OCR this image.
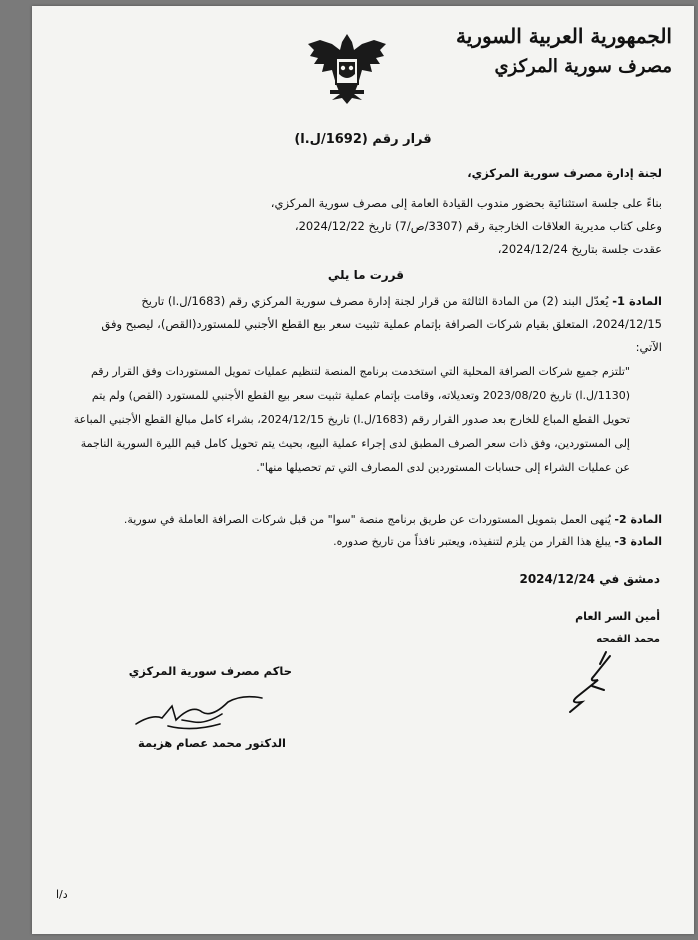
الجمهورية العربية السورية
مصرف سورية المركزي
قرار رقم (1692/ل.ا)
لجنة إدارة مصرف سورية المركزي،
بناءً على جلسة استثنائية بحضور مندوب القيادة العامة إلى مصرف سورية المركزي،
وعلى كتاب مديرية العلاقات الخارجية رقم (3307/ص/7) تاريخ 2024/12/22،
عقدت جلسة بتاريخ 2024/12/24،
قررت ما يلي
المادة 1- يُعدّل البند (2) من المادة الثالثة من قرار لجنة إدارة مصرف سورية المركزي رقم (1683/ل.ا) تاريخ 2024/12/15، المتعلق بقيام شركات الصرافة بإتمام عملية تثبيت سعر بيع القطع الأجنبي للمستورد(القص)، ليصبح وفق الآتي:
"تلتزم جميع شركات الصرافة المحلية التي استخدمت برنامج المنصة لتنظيم عمليات تمويل المستوردات وفق القرار رقم (1130/ل.ا) تاريخ 2023/08/20 وتعديلاته، وقامت بإتمام عملية تثبيت سعر بيع القطع الأجنبي للمستورد (القص) ولم يتم تحويل القطع المباع للخارج بعد صدور القرار رقم (1683/ل.ا) تاريخ 2024/12/15، بشراء كامل مبالغ القطع الأجنبي المباعة إلى المستوردين، وفق ذات سعر الصرف المطبق لدى إجراء عملية البيع، بحيث يتم تحويل كامل قيم الليرة السورية الناجمة عن عمليات الشراء إلى حسابات المستوردين لدى المصارف التي تم تحصيلها منها".
المادة 2- يُنهى العمل بتمويل المستوردات عن طريق برنامج منصة "سوا" من قبل شركات الصرافة العاملة في سورية.
المادة 3- يبلغ هذا القرار من يلزم لتنفيذه، ويعتبر نافذاً من تاريخ صدوره.
دمشق في 2024/12/24
أمين السر العام
محمد القمحه
حاكم مصرف سورية المركزي
الدكتور محمد عصام هزيمة
د/ا
